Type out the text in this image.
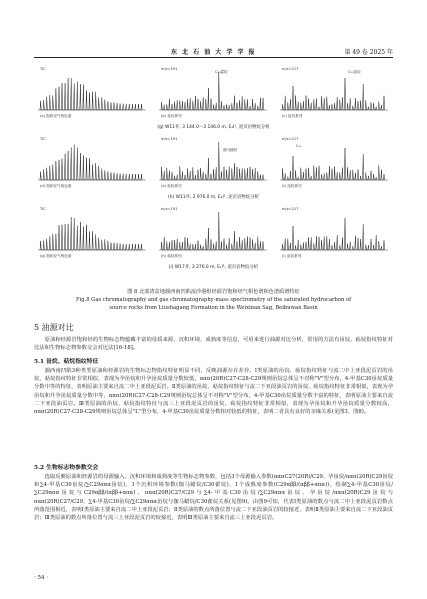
东 北 石 油 大 学 学 报	第 49 卷 2025 年
TIC
(a) 饱和烃气相色谱
m/z=191
C₃₀藿烷
(b) 萜烷系列
m/z=217
C₂₉甾烷
(c) 甾烷系列
(g) W11井, 3 144.0～3 146.0 m, E₁l¹, 泥页岩物烷分析
TIC
(d) 饱和烃气相色谱
m/z=191
伽马蜡烷
(e) 萜烷系列
m/z=217
C₂₁
(f) 甾烷系列
(h) W11井, 2 976.0 m, E₁l¹, 泥页岩物烷分析
TIC
(g) 饱和烃气相色谱
m/z=191
(h) 萜烷系列
m/z=217
(i) 甾烷系列
(i) W17井, 3 276.0 m, E₁l¹, 泥页岩物烷分析
图 8 北部湾盆地涠西南凹陷流沙港组烃源岩饱和烃气相色谱和色谱质谱特征
Fig.8 Gas chromatography and gas chromatography-mass spectrometry of the saturated hydrocarbon of
source rocks from Liushagang Formation in the Weixinan Sag, Beibuwan Basin
5 油源对比
原油和烃源岩饱和烃的生物标志物蕴藏丰富的母质来源、沉积环境、成熟度等信息，可用来进行油源对比分析，常用的方法有甾烷、萜烷指纹特征对比法和生物标志物参数交会对比法[16-18]。
5.1 甾烷、萜烷指纹特征
涠西南凹陷3种类型原油和烃源岩的生物标志物指纹特征明显不同，反映油源存在差异。Ⅰ类原油的甾烷、萜烷指纹特征与流二中上亚段泥页岩的甾烷、萜烷指纹特征非常相似，表现为孕甾烷和升孕甾烷质量分数较低，ααα(20R)C27-C28-C29规则甾烷总体呈不对称"V"型分布，4-甲基C30甾烷质量分数中等的特征，表明原油主要来自流二中上亚段泥页岩。Ⅱ类原油的甾烷、萜烷指纹特征与流二下亚段油页岩的甾烷、萜烷指纹特征非常相似，表现为孕甾烷和升孕甾烷质量分数中等，ααα(20R)C27-C28-C29规则甾烷总体呈不对称"V"型分布，4-甲基C30甾烷质量分数丰富的特征，表明原油主要来自流二下亚段油页岩。Ⅲ类原油的甾烷、萜烷指纹特征与流三上亚段泥页岩的甾烷、萜烷指纹特征非常相似，表现为孕甾烷和升孕甾烷质量分数较高，ααα(20R)C27-C28-C29规则甾烷总体呈"L"型分布，4-甲基C30甾烷质量分数相对较低的特征，表明二者具有良好的亲缘关系(见图3、图8)。
5.2 生物标志物参数交会
选取反映原油和烃源岩的母源输入、沉积环境和成熟度等生物标志物参数，包括3个母源输入参数(αααC27(20R)/C29、孕甾烷/ααα(20R)C29甾烷和∑4-甲基C30甾烷/∑C29ααα甾烷)、1个沉积环境参数(伽马蜡烷/C30藿烷)、1个成熟度参数(C29αββ/(αββ+ααα))，绘制∑4-甲基C30甾烷/∑C29ααα甾烷与C29αββ/(αββ+ααα)、ααα(20R)C27/C29与∑4-甲基C30甾烷/∑C29ααα甾烷、孕甾烷/ααα(20R)C29甾烷与ααα(20R)C27/C29、∑4-甲基C30甾烷/∑C29ααα甾烷与伽马蜡烷/C30藿烷关系(见图9)。由图9可知，代表Ⅰ类原油的数点与流二中上亚段泥页岩数点所落范围相近，表明Ⅰ类原油主要来自流二中上亚段泥页岩；Ⅱ类原油的数点所落位置与流二下亚段油页岩的较接近，表明Ⅱ类原油主要来自流二下亚段油页岩；Ⅲ类原油的数点所落位置与流三上亚段泥页岩的较接近，表明Ⅲ类原油主要来自流三上亚段泥页岩。
· 54 ·
